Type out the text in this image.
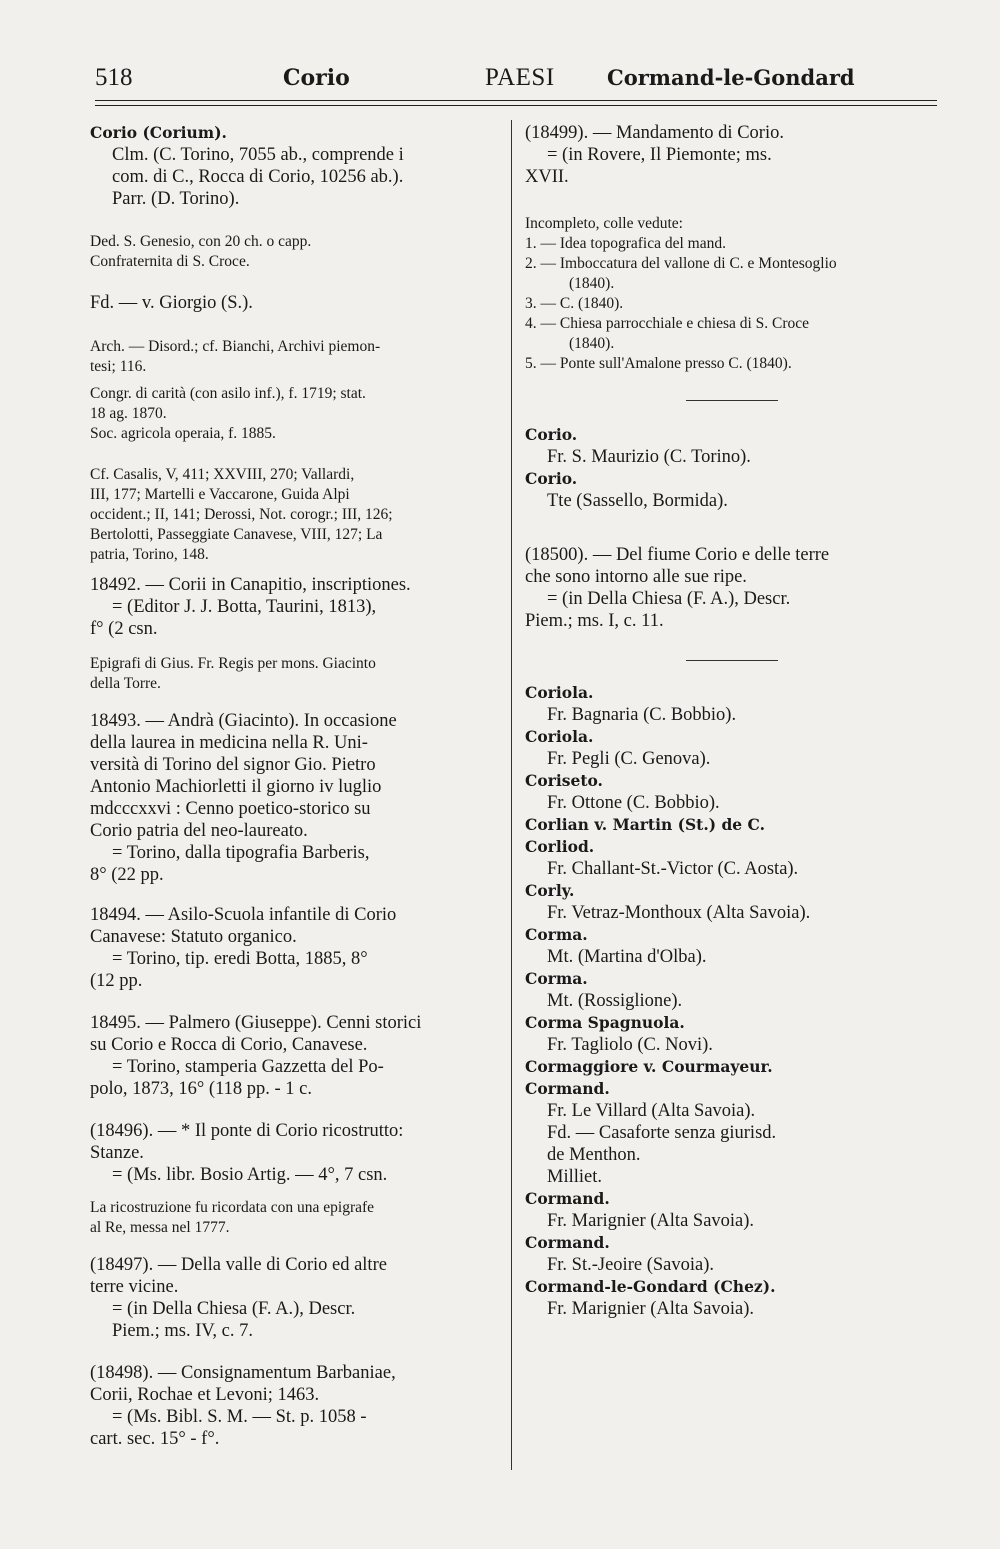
518	Corio	PAESI Cormand-le-Gondard
Corio (Corium).
Clm. (C. Torino, 7055 ab., comprende i
com. di C., Rocca di Corio, 10256 ab.).
Parr. (D. Torino).
Ded. S. Genesio, con 20 ch. o capp.
Confraternita di S. Croce.
Fd. — v. Giorgio (S.).
Arch. — Disord.; cf. Bianchi, Archivi piemon-
tesi; 116.
Congr. di carità (con asilo inf.), f. 1719; stat.
18 ag. 1870.
Soc. agricola operaia, f. 1885.
Cf. Casalis, V, 411; XXVIII, 270; Vallardi,
III, 177; Martelli e Vaccarone, Guida Alpi
occident.; II, 141; Derossi, Not. corogr.; III, 126;
Bertolotti, Passeggiate Canavese, VIII, 127; La
patria, Torino, 148.
18492. — Corii in Canapitio, inscriptiones.
= (Editor J. J. Botta, Taurini, 1813),
f° (2 csn.
Epigrafi di Gius. Fr. Regis per mons. Giacinto
della Torre.
18493. — Andrà (Giacinto). In occasione
della laurea in medicina nella R. Uni-
versità di Torino del signor Gio. Pietro
Antonio Machiorletti il giorno iv luglio
mdcccxxvi : Cenno poetico-storico su
Corio patria del neo-laureato.
= Torino, dalla tipografia Barberis,
8° (22 pp.
18494. — Asilo-Scuola infantile di Corio
Canavese: Statuto organico.
= Torino, tip. eredi Botta, 1885, 8°
(12 pp.
18495. — Palmero (Giuseppe). Cenni storici
su Corio e Rocca di Corio, Canavese.
= Torino, stamperia Gazzetta del Po-
polo, 1873, 16° (118 pp. - 1 c.
(18496). — * Il ponte di Corio ricostrutto:
Stanze.
= (Ms. libr. Bosio Artig. — 4°, 7 csn.
La ricostruzione fu ricordata con una epigrafe
al Re, messa nel 1777.
(18497). — Della valle di Corio ed altre
terre vicine.
= (in Della Chiesa (F. A.), Descr.
Piem.; ms. IV, c. 7.
(18498). — Consignamentum Barbaniae,
Corii, Rochae et Levoni; 1463.
= (Ms. Bibl. S. M. — St. p. 1058 -
cart. sec. 15° - f°.
(18499). — Mandamento di Corio.
= (in Rovere, Il Piemonte; ms.
XVII.
Incompleto, colle vedute:
1. — Idea topografica del mand.
2. — Imboccatura del vallone di C. e Montesoglio
(1840).
3. — C. (1840).
4. — Chiesa parrocchiale e chiesa di S. Croce
(1840).
5. — Ponte sull'Amalone presso C. (1840).
Corio.
Fr. S. Maurizio (C. Torino).
Corio.
Tte (Sassello, Bormida).
(18500). — Del fiume Corio e delle terre
che sono intorno alle sue ripe.
= (in Della Chiesa (F. A.), Descr.
Piem.; ms. I, c. 11.
Coriola.
Fr. Bagnaria (C. Bobbio).
Coriola.
Fr. Pegli (C. Genova).
Coriseto.
Fr. Ottone (C. Bobbio).
Corlian v. Martin (St.) de C.
Corliod.
Fr. Challant-St.-Victor (C. Aosta).
Corly.
Fr. Vetraz-Monthoux (Alta Savoia).
Corma.
Mt. (Martina d'Olba).
Corma.
Mt. (Rossiglione).
Corma Spagnuola.
Fr. Tagliolo (C. Novi).
Cormaggiore v. Courmayeur.
Cormand.
Fr. Le Villard (Alta Savoia).
Fd. — Casaforte senza giurisd.
de Menthon.
Milliet.
Cormand.
Fr. Marignier (Alta Savoia).
Cormand.
Fr. St.-Jeoire (Savoia).
Cormand-le-Gondard (Chez).
Fr. Marignier (Alta Savoia).
